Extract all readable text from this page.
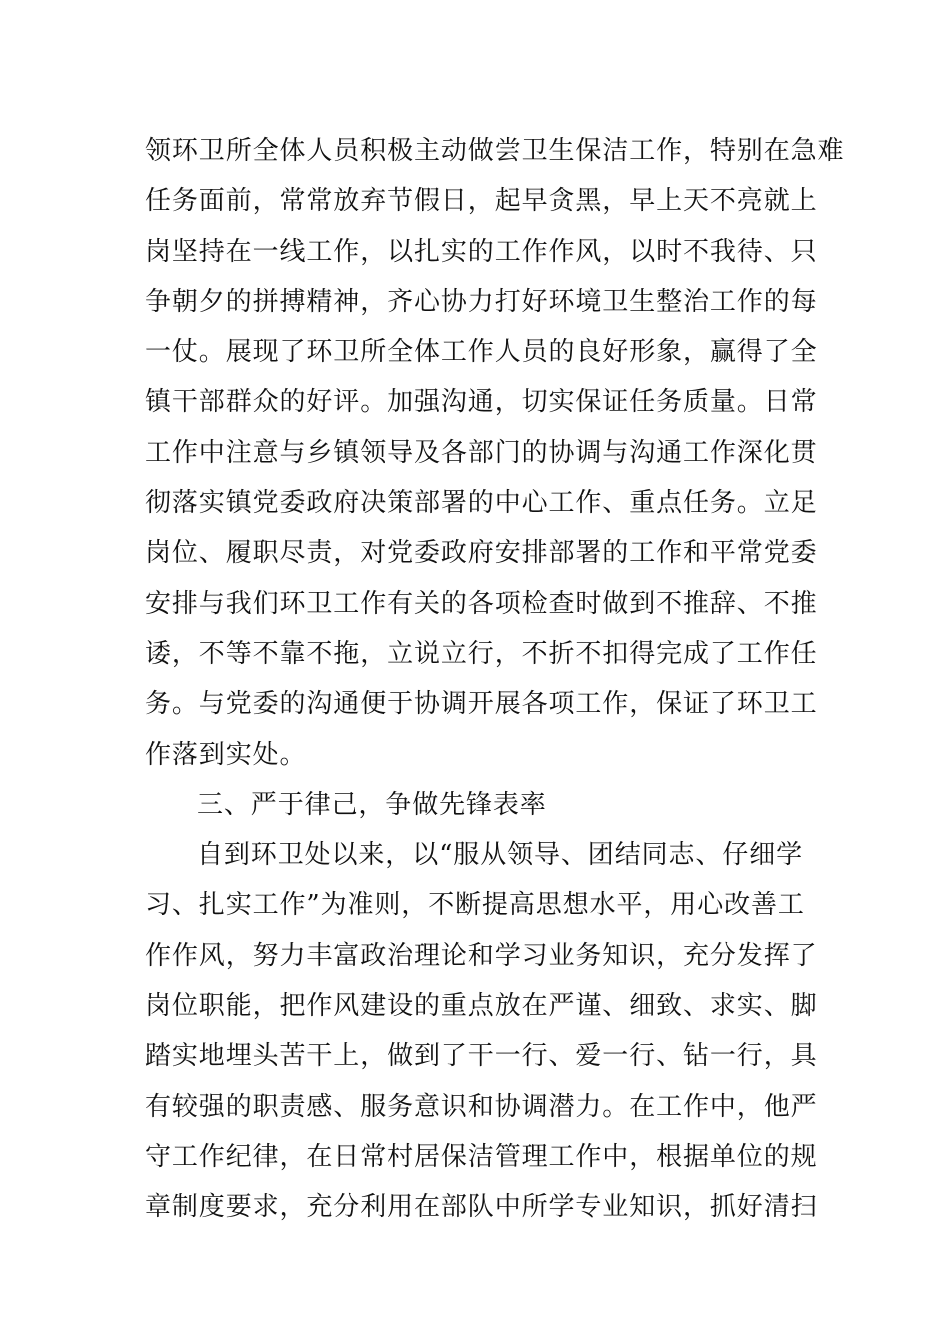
领环卫所全体人员积极主动做尝卫生保洁工作，特别在急难
任务面前，常常放弃节假日，起早贪黑，早上天不亮就上
岗坚持在一线工作，以扎实的工作作风，以时不我待、只
争朝夕的拼搏精神，齐心协力打好环境卫生整治工作的每
一仗。展现了环卫所全体工作人员的良好形象，赢得了全
镇干部群众的好评。加强沟通，切实保证任务质量。日常
工作中注意与乡镇领导及各部门的协调与沟通工作深化贯
彻落实镇党委政府决策部署的中心工作、重点任务。立足
岗位、履职尽责，对党委政府安排部署的工作和平常党委
安排与我们环卫工作有关的各项检查时做到不推辞、不推
诿，不等不靠不拖，立说立行，不折不扣得完成了工作任
务。与党委的沟通便于协调开展各项工作，保证了环卫工
作落到实处。
三、严于律己，争做先锋表率
自到环卫处以来，以“服从领导、团结同志、仔细学
习、扎实工作”为准则，不断提高思想水平，用心改善工
作作风，努力丰富政治理论和学习业务知识，充分发挥了
岗位职能，把作风建设的重点放在严谨、细致、求实、脚
踏实地埋头苦干上，做到了干一行、爱一行、钻一行，具
有较强的职责感、服务意识和协调潜力。在工作中，他严
守工作纪律，在日常村居保洁管理工作中，根据单位的规
章制度要求，充分利用在部队中所学专业知识，抓好清扫
